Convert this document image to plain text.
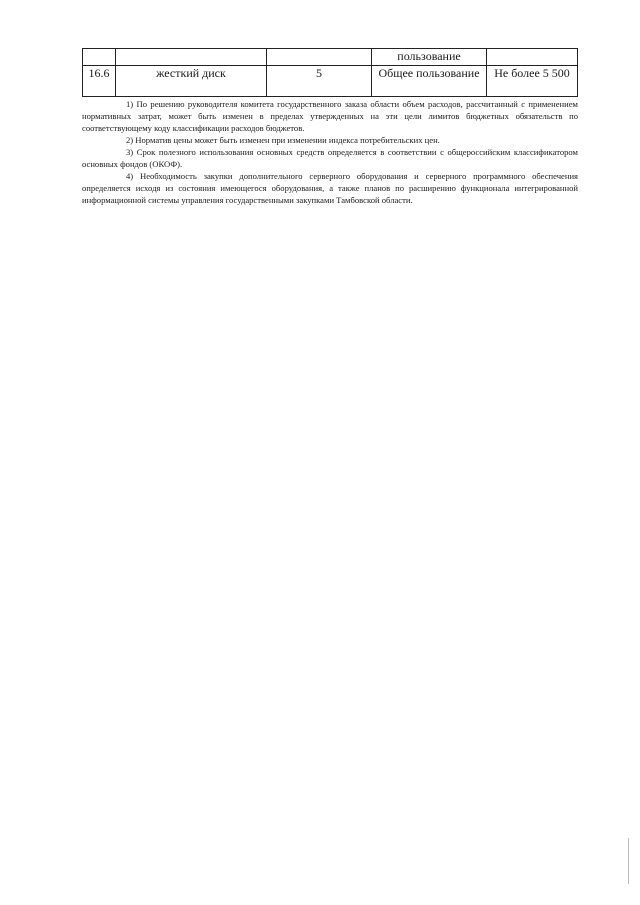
			пользование	
16.6	жесткий диск	5	Общее пользование	Не более 5 500

1) По решению руководителя комитета государственного заказа области объем расходов, рассчитанный с применением нормативных затрат, может быть изменен в пределах утвержденных на эти цели лимитов бюджетных обязательств по соответствующему коду классификации расходов бюджетов.

2) Норматив цены может быть изменен при изменении индекса потребительских цен.

3) Срок полезного использования основных средств определяется в соответствии с общероссийским классификатором основных фондов (ОКОФ).

4) Необходимость закупки дополнительного серверного оборудования и серверного программного обеспечения определяется исходя из состояния имеющегося оборудования, а также планов по расширению функционала интегрированной информационной системы управления государственными закупками Тамбовской области.
